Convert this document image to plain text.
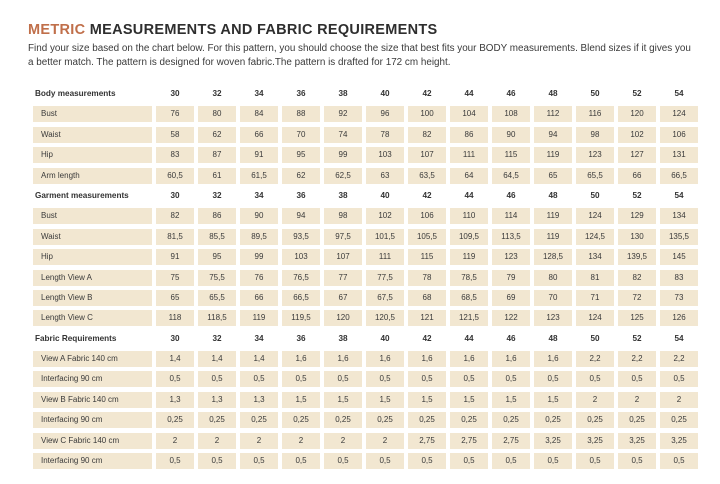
METRIC MEASUREMENTS AND FABRIC REQUIREMENTS

Find your size based on the chart below. For this pattern, you should choose the size that best fits your BODY measurements. Blend sizes if it gives you a better match. The pattern is designed for woven fabric.The pattern is drafted for 172 cm height.

Body measurements	30	32	34	36	38	40	42	44	46	48	50	52	54
Bust	76	80	84	88	92	96	100	104	108	112	116	120	124
Waist	58	62	66	70	74	78	82	86	90	94	98	102	106
Hip	83	87	91	95	99	103	107	111	115	119	123	127	131
Arm length	60,5	61	61,5	62	62,5	63	63,5	64	64,5	65	65,5	66	66,5
Garment measurements	30	32	34	36	38	40	42	44	46	48	50	52	54
Bust	82	86	90	94	98	102	106	110	114	119	124	129	134
Waist	81,5	85,5	89,5	93,5	97,5	101,5	105,5	109,5	113,5	119	124,5	130	135,5
Hip	91	95	99	103	107	111	115	119	123	128,5	134	139,5	145
Length View A	75	75,5	76	76,5	77	77,5	78	78,5	79	80	81	82	83
Length View B	65	65,5	66	66,5	67	67,5	68	68,5	69	70	71	72	73
Length View C	118	118,5	119	119,5	120	120,5	121	121,5	122	123	124	125	126
Fabric Requirements	30	32	34	36	38	40	42	44	46	48	50	52	54
View A Fabric 140 cm	1,4	1,4	1,4	1,6	1,6	1,6	1,6	1,6	1,6	1,6	2,2	2,2	2,2
Interfacing 90 cm	0,5	0,5	0,5	0,5	0,5	0,5	0,5	0,5	0,5	0,5	0,5	0,5	0,5
View B Fabric 140 cm	1,3	1,3	1,3	1,5	1,5	1,5	1,5	1,5	1,5	1,5	2	2	2
Interfacing 90 cm	0,25	0,25	0,25	0,25	0,25	0,25	0,25	0,25	0,25	0,25	0,25	0,25	0,25
View C Fabric 140 cm	2	2	2	2	2	2	2,75	2,75	2,75	3,25	3,25	3,25	3,25
Interfacing 90 cm	0,5	0,5	0,5	0,5	0,5	0,5	0,5	0,5	0,5	0,5	0,5	0,5	0,5
